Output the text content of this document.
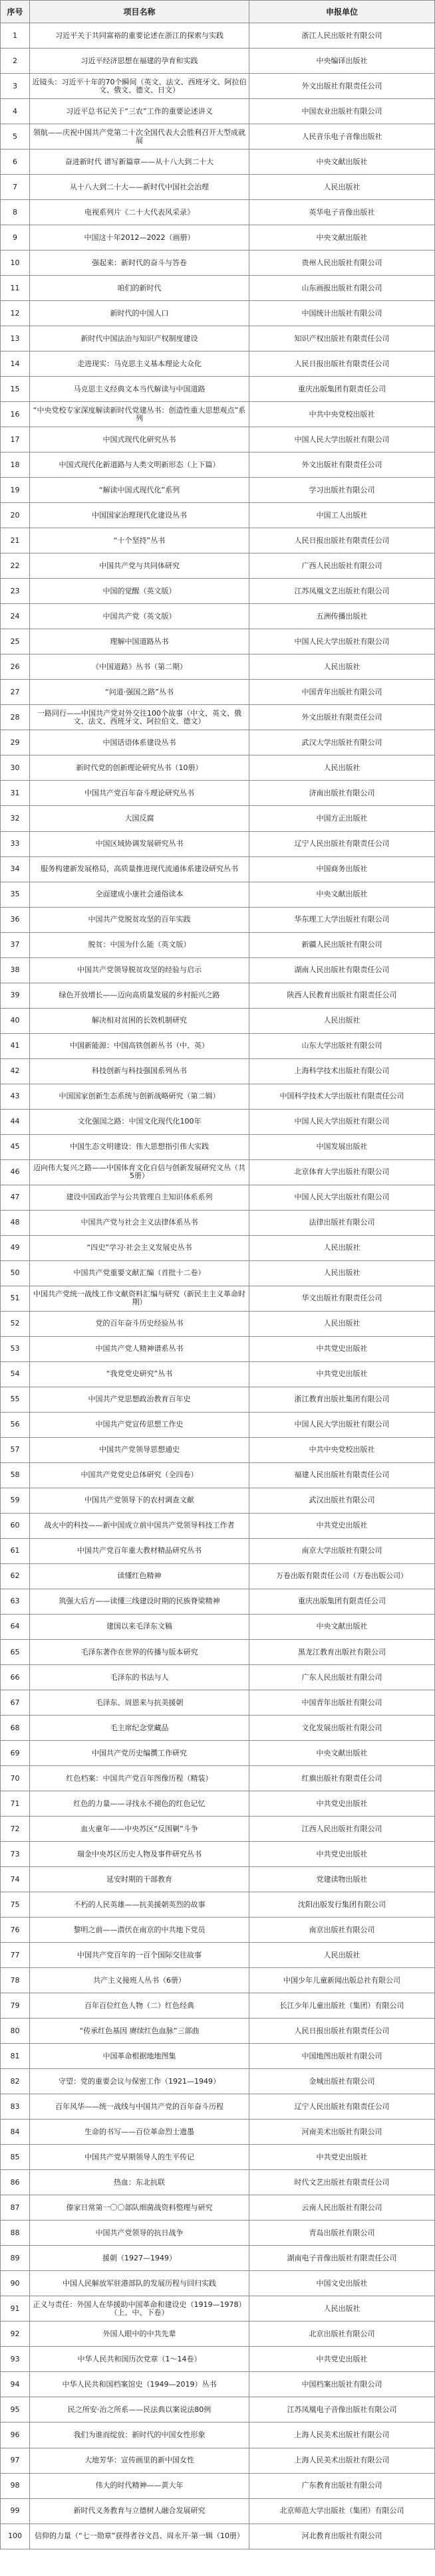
序号	项目名称	申报单位
1	习近平关于共同富裕的重要论述在浙江的探索与实践	浙江人民出版社有限公司
2	习近平经济思想在福建的孕育和实践	中央编译出版社
3	近镜头：习近平十年的70个瞬间（英文、法文、西班牙文、阿拉伯文、俄文、德文、日文）	外文出版社有限责任公司
4	习近平总书记关于“三农”工作的重要论述讲义	中国农业出版社有限公司
5	领航——庆祝中国共产党第二十次全国代表大会胜利召开大型成就展	人民音乐电子音像出版社
6	奋进新时代 谱写新篇章——从十八大到二十大	中央文献出版社
7	从十八大到二十大——新时代中国社会治理	人民出版社
8	电视系列片《二十大代表风采录》	英华电子音像出版社
9	中国这十年2012—2022（画册）	中央文献出版社
10	强起来：新时代的奋斗与答卷	贵州人民出版社有限公司
11	咱们的新时代	山东画报出版社有限公司
12	新时代的中国人口	中国统计出版社有限公司
13	新时代中国法治与知识产权制度建设	知识产权出版社有限责任公司
14	走进现实：马克思主义基本理论大众化	人民日报出版社有限责任公司
15	马克思主义经典文本当代解读与中国道路	重庆出版集团有限责任公司
16	“中央党校专家深度解读新时代党建丛书：创造性重大思想观点”系列	中共中央党校出版社
17	中国式现代化研究丛书	中国人民大学出版社有限公司
18	中国式现代化新道路与人类文明新形态（上下篇）	外文出版社有限责任公司
19	“解读中国式现代化”系列	学习出版社有限公司
20	中国国家治理现代化建设丛书	中国工人出版社
21	“十个坚持”丛书	人民日报出版社有限责任公司
22	中国共产党与共同体研究	广西人民出版社有限公司
23	中国的觉醒（英文版）	江苏凤凰文艺出版社有限公司
24	中国共产党（英文版）	五洲传播出版社
25	理解中国道路丛书	中国人民大学出版社有限公司
26	《中国道路》丛书（第二期）	人民出版社
27	“问道·强国之路”丛书	中国青年出版社有限公司
28	一路同行——中国共产党对外交往100个故事（中文、英文、俄文、法文、西班牙文、阿拉伯文、德文）	外文出版社有限责任公司
29	中国话语体系建设丛书	武汉大学出版社有限公司
30	新时代党的创新理论研究丛书（10册）	人民出版社
31	中国共产党百年奋斗理论研究丛书	济南出版社有限公司
32	大国反腐	中国方正出版社
33	中国区域协调发展研究丛书	辽宁人民出版社有限责任公司
34	服务构建新发展格局，高质量推进现代流通体系建设研究丛书	中国商务出版社
35	全面建成小康社会通俗读本	中央文献出版社
36	中国共产党脱贫攻坚的百年实践	华东理工大学出版社有限公司
37	脱贫：中国为什么能（英文版）	新疆人民出版社有限公司
38	中国共产党领导脱贫攻坚的经验与启示	湖南人民出版社有限责任公司
39	绿色开放增长——迈向高质量发展的乡村振兴之路	陕西人民教育出版社有限责任公司
40	解决相对贫困的长效机制研究	人民出版社
41	中国新能源：中国高铁创新丛书（中、英）	山东大学出版社有限公司
42	科技创新与科技强国系列丛书	上海科学技术出版社有限公司
43	中国国家创新生态系统与创新战略研究（第二辑）	中国科学技术大学出版社有限责任公司
44	文化强国之路：中国文化现代化100年	中国人民大学出版社有限公司
45	中国生态文明建设：伟大思想指引伟大实践	中国发展出版社
46	迈向伟大复兴之路——中国体育文化自信与创新发展研究文丛（共5册）	北京体育大学出版社有限公司
47	建设中国政治学与公共管理自主知识体系系列	中国人民大学出版社有限公司
48	中国共产党与社会主义法律体系丛书	法律出版社有限公司
49	“四史”学习·社会主义发展史丛书	人民出版社
50	中国共产党重要文献汇编（首批十二卷）	人民出版社
51	中国共产党统一战线工作文献资料汇编与研究（新民主主义革命时期）	华文出版社有限责任公司
52	党的百年奋斗历史经验丛书	人民出版社
53	中国共产党人精神谱系丛书	中共党史出版社
54	“我党党史研究”丛书	中共党史出版社
55	中国共产党思想政治教育百年史	浙江教育出版社集团有限公司
56	中国共产党宣传思想工作史	中国人民大学出版社有限公司
57	中国共产党领导思想通史	中共中央党校出版社
58	中国共产党党史总体研究（全四卷）	福建人民出版社有限责任公司
59	中国共产党领导下的农村调查文献	武汉出版社有限公司
60	战火中的科技——新中国成立前中国共产党领导科技工作者	中共党史出版社
61	中国共产党百年重大教材精品研究丛书	南京大学出版社有限公司
62	读懂红色精神	万卷出版有限责任公司（万卷出版公司）
63	筑强大后方——读懂三线建设时期的民族脊梁精神	重庆出版集团有限责任公司
64	建国以来毛泽东文稿	中央文献出版社
65	毛泽东著作在世界的传播与版本研究	黑龙江教育出版社有限公司
66	毛泽东的书法与人	广东人民出版社有限公司
67	毛泽东、周恩来与抗美援朝	中国青年出版社有限公司
68	毛主席纪念堂藏品	文化发展出版社有限公司
69	中国共产党历史编撰工作研究	中央文献出版社
70	红色档案：中国共产党百年图像历程（精装）	红旗出版社有限责任公司
71	红色的力量——寻找永不褪色的红色记忆	中共党史出版社
72	血火童年——中央苏区“反围剿”斗争	江西人民出版社有限公司
73	瑞金中央苏区历史人物及事件研究丛书	中共党史出版社
74	延安时期的干部教育	党建读物出版社
75	不朽的人民英雄——抗美援朝英烈的故事	沈阳出版发行集团有限公司
76	黎明之前——潜伏在南京的中共地下党员	南京出版社有限公司
77	中国共产党百年的一百个国际交往故事	人民出版社
78	共产主义接班人丛书（6册）	中国少年儿童新闻出版总社有限公司
79	百年百位红色人物（二）红色经典	长江少年儿童出版社（集团）有限公司
80	“传承红色基因 赓续红色血脉”三部曲	人民日报出版社有限责任公司
81	中国革命根据地地图集	中国地图出版社有限公司
82	守望：党的重要会议与保密工作（1921—1949）	金城出版社有限公司
83	百年风华——统一战线与中国共产党的百年奋斗历程	辽宁人民出版社有限责任公司
84	生命的书写——百位革命烈士遗墨	河南美术出版社有限公司
85	中国共产党早期领导人的生平传记	中共党史出版社
86	热血：东北抗联	时代文艺出版社有限责任公司
87	傣家日常第一〇〇部队细菌战资料整理与研究	云南人民出版社有限公司
88	中国共产党领导的抗日战争	青岛出版社有限公司
89	援朝（1927—1949）	湖南电子音像出版社有限责任公司
90	中国人民解放军驻港部队的发展历程与回归实践	中国文史出版社
91	正义与责任：外国人在华援助中国革命和建设史（1919—1978）（上、中、下卷）	人民出版社
92	外国人眼中的中共先辈	北京出版社有限公司
93	中华人民共和国历次党章（1～14卷）	中共党史出版社
94	中华人民共和国档案馆史（1949—2019）丛书	中国档案出版社有限公司
95	民之所安·治之所系——民法典以案说法80例	江苏凤凰电子音像出版社有限公司
96	我们为谁而绽放：新时代的中国女性形象	上海人民美术出版社有限公司
97	大地芳华：宣传画里的新中国女性	上海人民美术出版社有限公司
98	伟大的时代精神——黄大年	广东教育出版社有限公司
99	新时代义务教育与立德树人融合发展研究	北京师范大学出版社（集团）有限公司
100	信仰的力量（“七一勋章”获得者谷文昌、周永开·第一辑（10册）	河北教育出版社有限公司
